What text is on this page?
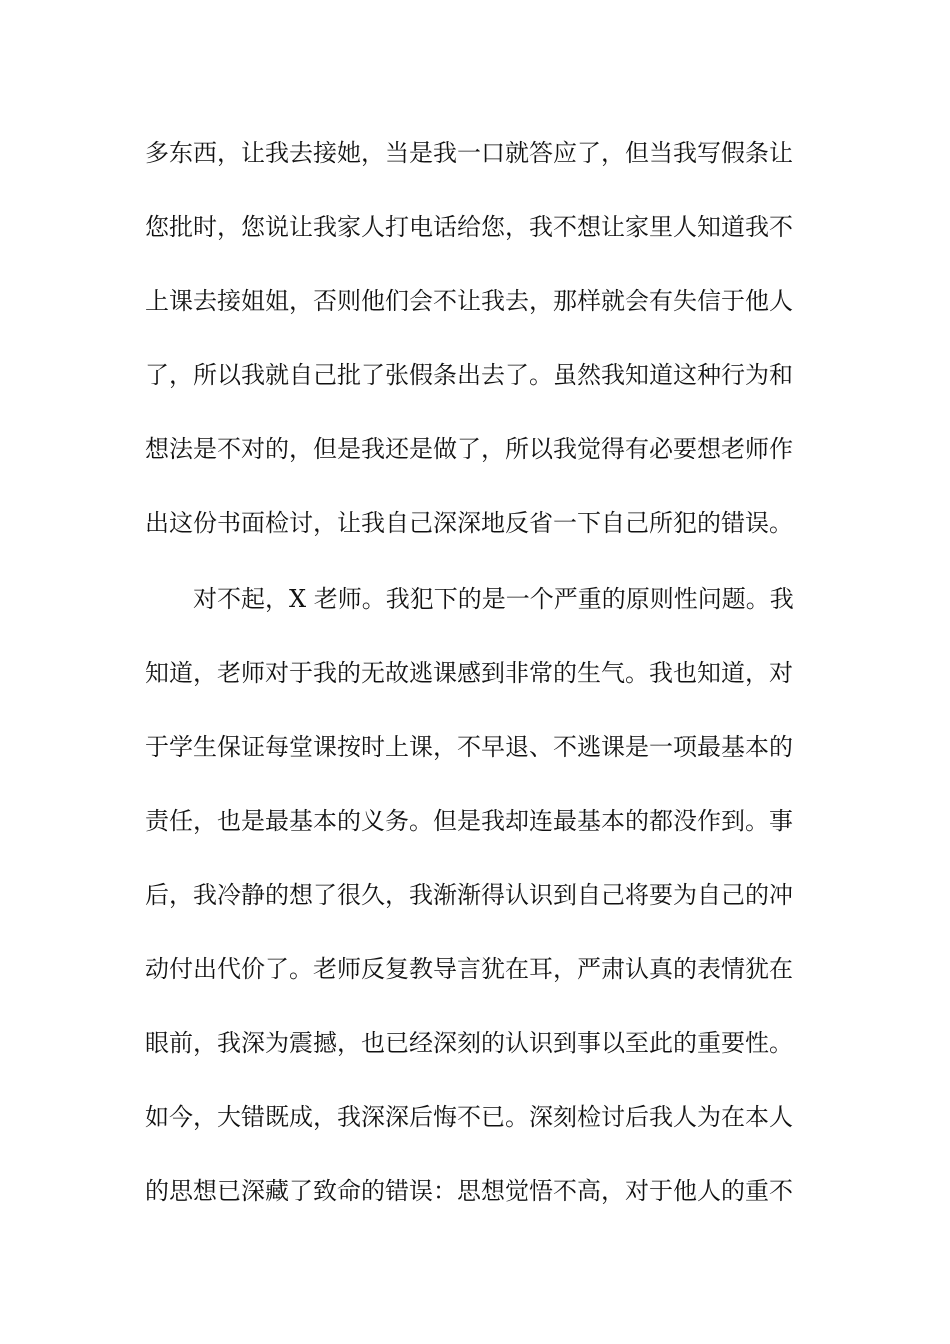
多东西，让我去接她，当是我一口就答应了，但当我写假条让
您批时，您说让我家人打电话给您，我不想让家里人知道我不
上课去接姐姐，否则他们会不让我去，那样就会有失信于他人
了，所以我就自己批了张假条出去了。虽然我知道这种行为和
想法是不对的，但是我还是做了，所以我觉得有必要想老师作
出这份书面检讨，让我自己深深地反省一下自己所犯的错误。
对不起，X 老师。我犯下的是一个严重的原则性问题。我
知道，老师对于我的无故逃课感到非常的生气。我也知道，对
于学生保证每堂课按时上课，不早退、不逃课是一项最基本的
责任，也是最基本的义务。但是我却连最基本的都没作到。事
后，我冷静的想了很久，我渐渐得认识到自己将要为自己的冲
动付出代价了。老师反复教导言犹在耳，严肃认真的表情犹在
眼前，我深为震撼，也已经深刻的认识到事以至此的重要性。
如今，大错既成，我深深后悔不已。深刻检讨后我人为在本人
的思想已深藏了致命的错误：思想觉悟不高，对于他人的重不
